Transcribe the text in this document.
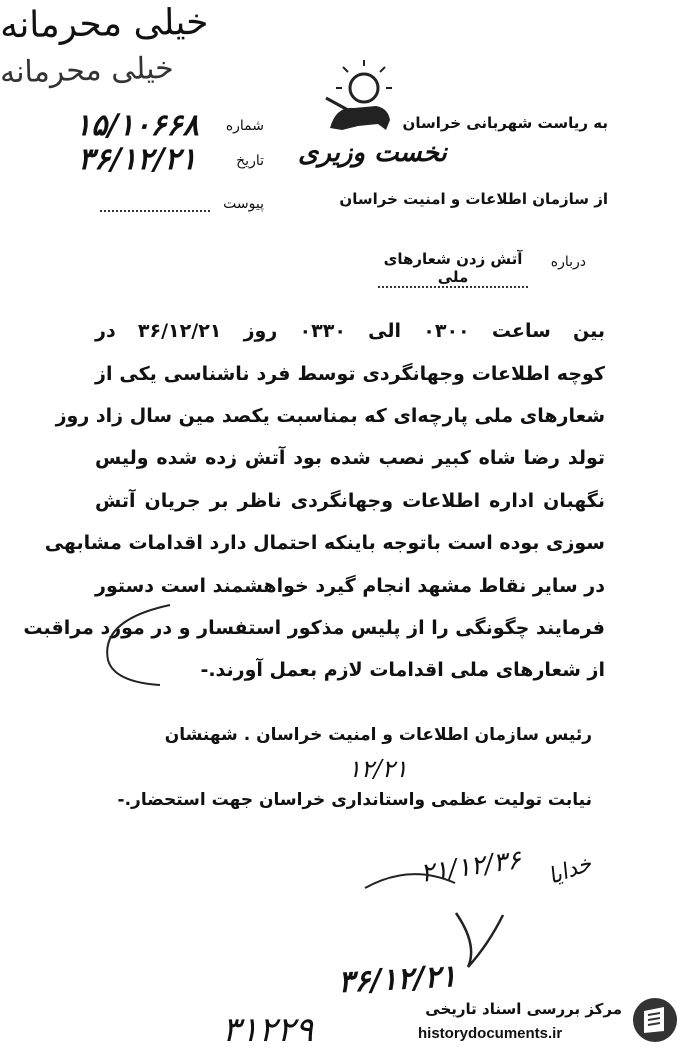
خیلی محرمانه
شماره
۱۵/۱۰۶۶۸
تاریخ
۳۶/۱۲/۲۱
پیوست
به ریاست شهربانی خراسان
نخست وزیری
از سازمان اطلاعات و امنیت خراسان
درباره
آتش زدن شعارهای ملی
بین ساعت ۰۳۰۰ الی ۰۳۳۰ روز ۳۶/۱۲/۲۱ در
کوچه اطلاعات وجهانگردی توسط فرد ناشناسی یکی از
شعارهای ملی پارچه‌ای که بمناسبت یکصد مین سال زاد روز
تولد رضا شاه کبیر نصب شده بود آتش زده شده ولیس
نگهبان اداره اطلاعات وجهانگردی ناظر بر جریان آتش
سوزی بوده است باتوجه باینکه احتمال دارد اقدامات مشابهی
در سایر نقاط مشهد انجام گیرد خواهشمند است دستور
فرمایند چگونگی را از پلیس مذکور استفسار و در مورد مراقبت
از شعارهای ملی اقدامات لازم بعمل آورند.-
رئیس سازمان اطلاعات و امنیت خراسان . شهنشان
۱۲/۲۱
نیابت تولیت عظمی واستانداری خراسان جهت استحضار.-
۲۱/۱۲/۳۶ خدایا
خیلی محرمانه
۳۶/۱۲/۲۱
۳۱۲۲۹
مرکز بررسی اسناد تاریخی
historydocuments.ir
